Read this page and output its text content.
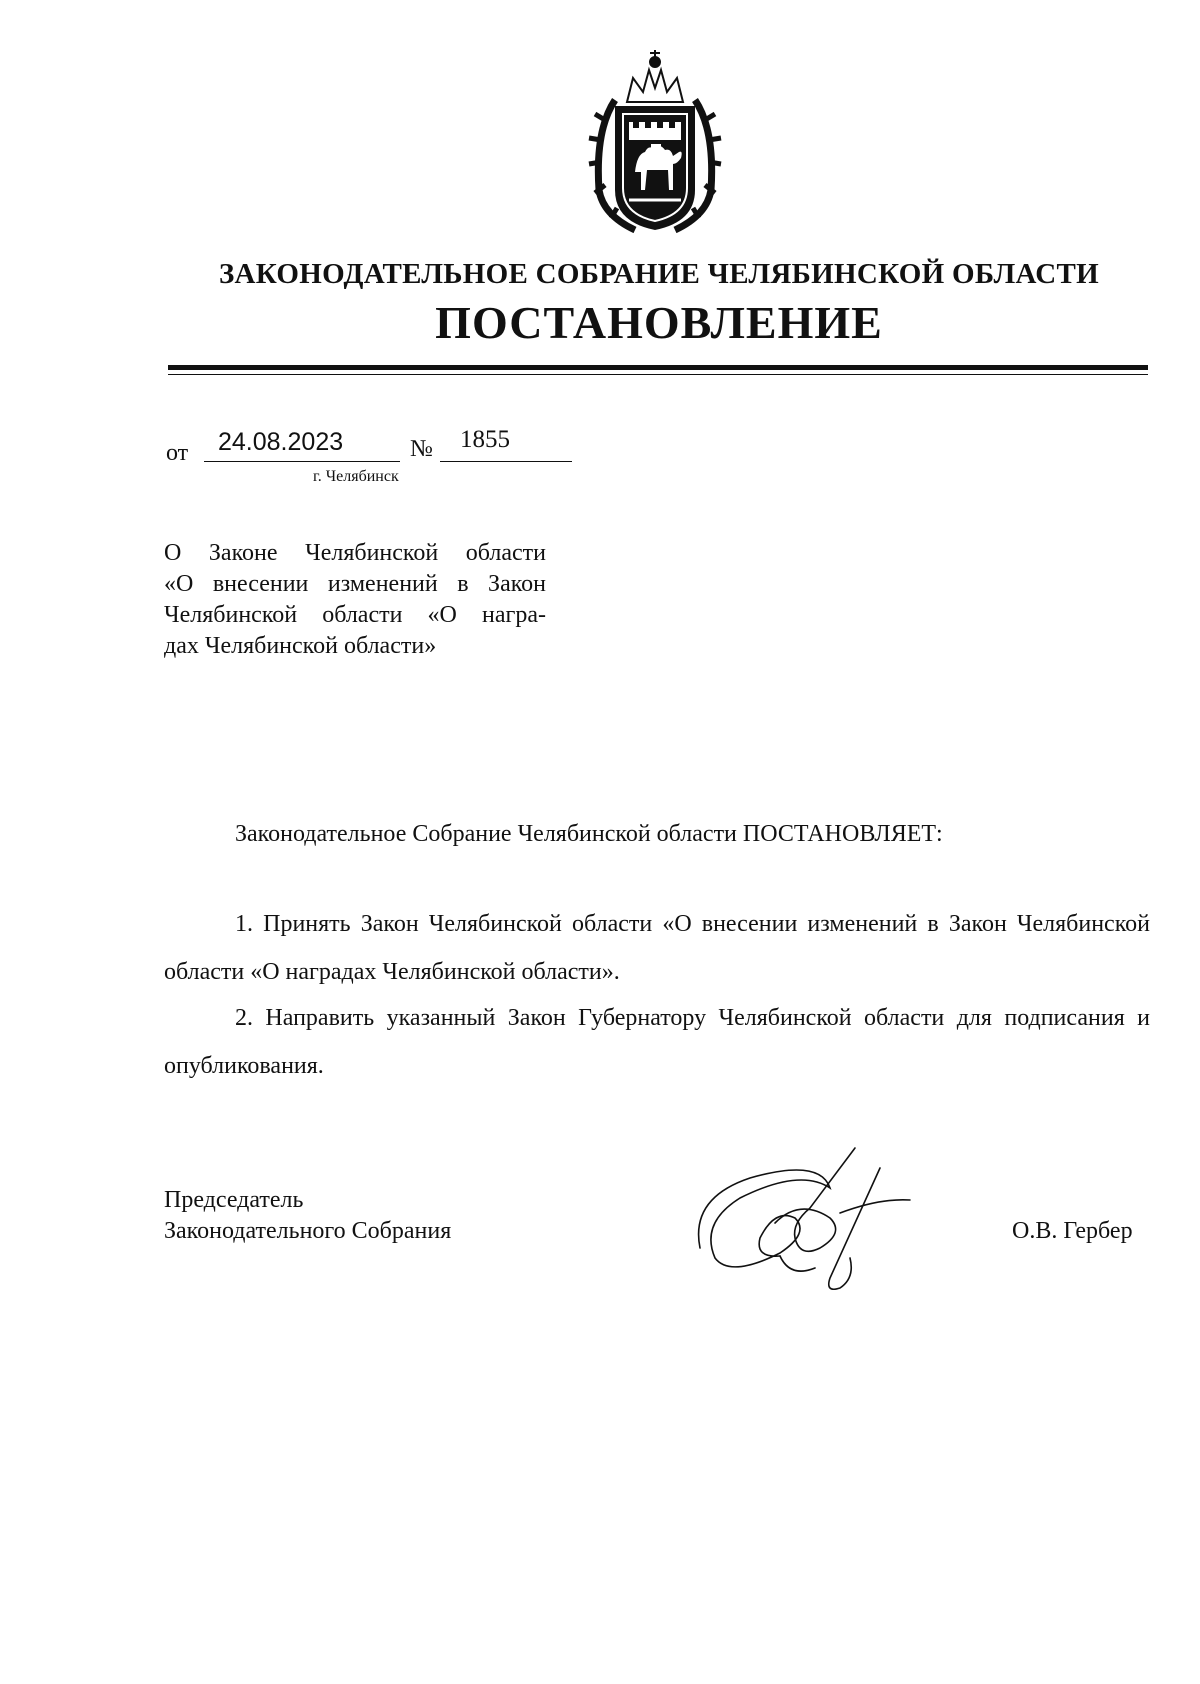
ЗАКОНОДАТЕЛЬНОЕ СОБРАНИЕ ЧЕЛЯБИНСКОЙ ОБЛАСТИ
ПОСТАНОВЛЕНИЕ
от 24.08.2023	№ 1855
г. Челябинск
О Законе Челябинской области
«О внесении изменений в Закон
Челябинской области «О награ-
дах Челябинской области»
Законодательное Собрание Челябинской области ПОСТАНОВЛЯЕТ:
1. Принять Закон Челябинской области «О внесении изменений в Закон Челябинской области «О наградах Челябинской области».
2. Направить указанный Закон Губернатору Челябинской области для подписания и опубликования.
Председатель
Законодательного Собрания	О.В. Гербер
